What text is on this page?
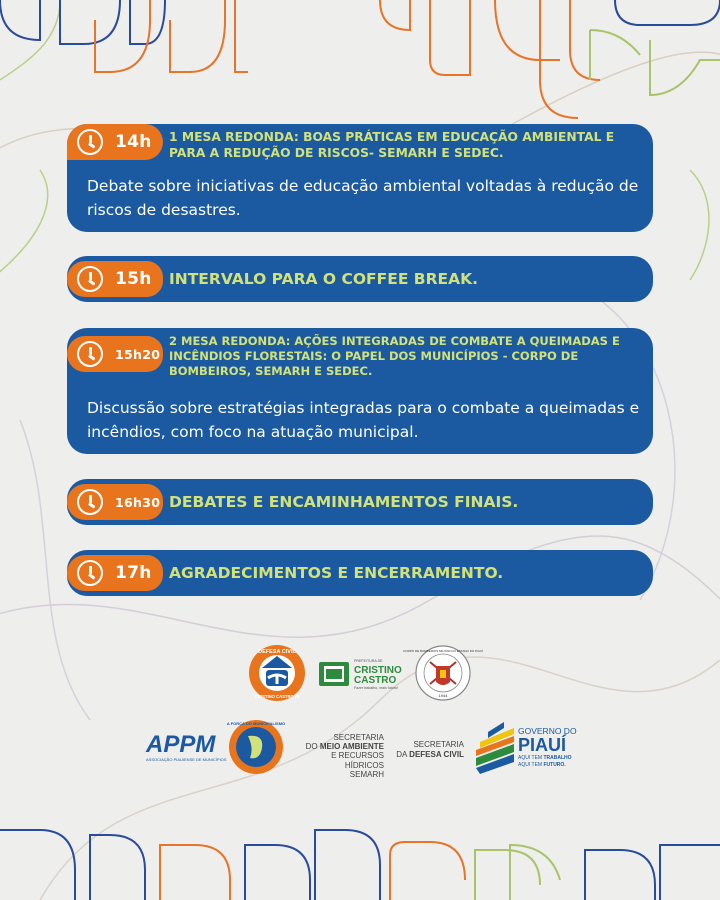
14h 1 MESA REDONDA: BOAS PRÁTICAS EM EDUCAÇÃO AMBIENTAL E PARA A REDUÇÃO DE RISCOS- SEMARH E SEDEC.
Debate sobre iniciativas de educação ambiental voltadas à redução de riscos de desastres.
15h INTERVALO PARA O COFFEE BREAK.
15h20
2 MESA REDONDA: AÇÕES INTEGRADAS DE COMBATE A QUEIMADAS E INCÊNDIOS FLORESTAIS: O PAPEL DOS MUNICÍPIOS - CORPO DE BOMBEIROS, SEMARH E SEDEC.
Discussão sobre estratégias integradas para o combate a queimadas e incêndios, com foco na atuação municipal.
16h30 DEBATES E ENCAMINHAMENTOS FINAIS.
17h AGRADECIMENTOS E ENCERRAMENTO.
DEFESA CIVIL
CRISTINO CASTRO-PI
PREFEITURA DE
CRISTINO
CASTRO
Fazer trabalho, mais futuro!
CORPO DE BOMBEIROS MILITAR DO ESTADO DO PIAUÍ
1944
APPM
ASSOCIAÇÃO PIAUIENSE DE MUNICÍPIOS
A FORÇA DO MUNICIPALISMO
SECRETARIA
DO MEIO AMBIENTE
E RECURSOS HÍDRICOS
SEMARH
SECRETARIA
DA DEFESA CIVIL
GOVERNO DO
PIAUÍ
AQUI TEM TRABALHO
AQUI TEM FUTURO.
